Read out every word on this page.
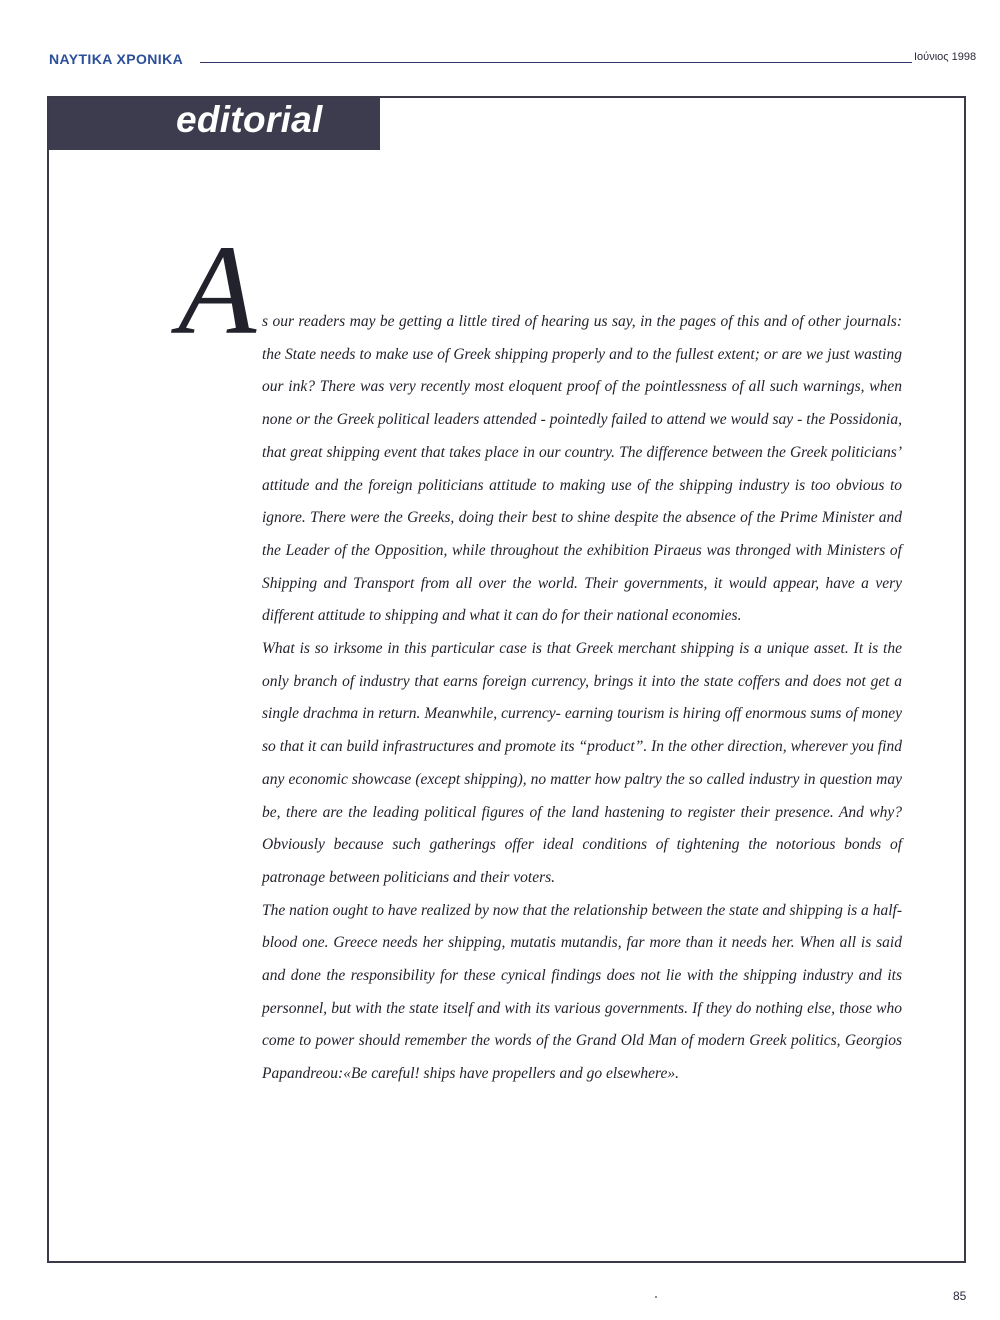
NAYTIKA XPONIKA	Ιούνιος 1998
editorial
A s our readers may be getting a little tired of hearing us say, in the pages of this and of other journals: the State needs to make use of Greek shipping properly and to the fullest extent; or are we just wasting our ink? There was very recently most eloquent proof of the pointlessness of all such warnings, when none or the Greek political leaders attended - pointedly failed to attend we would say - the Possidonia, that great shipping event that takes place in our country. The difference between the Greek politicians’ attitude and the foreign politicians attitude to making use of the shipping industry is too obvious to ignore. There were the Greeks, doing their best to shine despite the absence of the Prime Minister and the Leader of the Opposition, while throughout the exhibition Piraeus was thronged with Ministers of Shipping and Transport from all over the world. Their governments, it would appear, have a very different attitude to shipping and what it can do for their national economies.

What is so irksome in this particular case is that Greek merchant shipping is a unique asset. It is the only branch of industry that earns foreign currency, brings it into the state coffers and does not get a single drachma in return. Meanwhile, currency- earning tourism is hiring off enormous sums of money so that it can build infrastructures and promote its “product”. In the other direction, wherever you find any economic showcase (except shipping), no matter how paltry the so called industry in question may be, there are the leading political figures of the land hastening to register their presence. And why? Obviously because such gatherings offer ideal conditions of tightening the notorious bonds of patronage between politicians and their voters.

The nation ought to have realized by now that the relationship between the state and shipping is a half- blood one. Greece needs her shipping, mutatis mutandis, far more than it needs her. When all is said and done the responsibility for these cynical findings does not lie with the shipping industry and its personnel, but with the state itself and with its various governments. If they do nothing else, those who come to power should remember the words of the Grand Old Man of modern Greek politics, Georgios Papandreou:«Be careful! ships have propellers and go elsewhere».

85
